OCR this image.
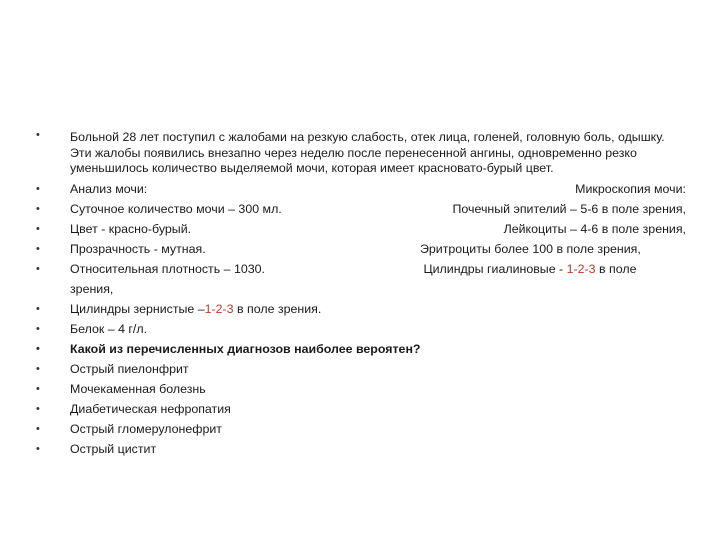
• Больной 28 лет поступил с жалобами на резкую слабость, отек лица, голеней, головную боль, одышку. Эти жалобы появились внезапно через неделю после перенесенной ангины, одновременно резко уменьшилось количество выделяемой мочи, которая имеет красновато-бурый цвет.
• Анализ мочи:	Микроскопия мочи:
• Суточное количество мочи – 300 мл.	Почечный эпителий – 5-6 в поле зрения,
• Цвет - красно-бурый.	Лейкоциты – 4-6 в поле зрения,
• Прозрачность - мутная.	Эритроциты более 100 в поле зрения,
• Относительная плотность – 1030.	Цилиндры гиалиновые - 1-2-3 в поле
зрения,
• Цилиндры зернистые –1-2-3 в поле зрения.
• Белок – 4 г/л.
• Какой из перечисленных диагнозов наиболее вероятен?
• Острый пиелонфрит
• Мочекаменная болезнь
• Диабетическая нефропатия
• Острый гломерулонефрит
• Острый цистит
